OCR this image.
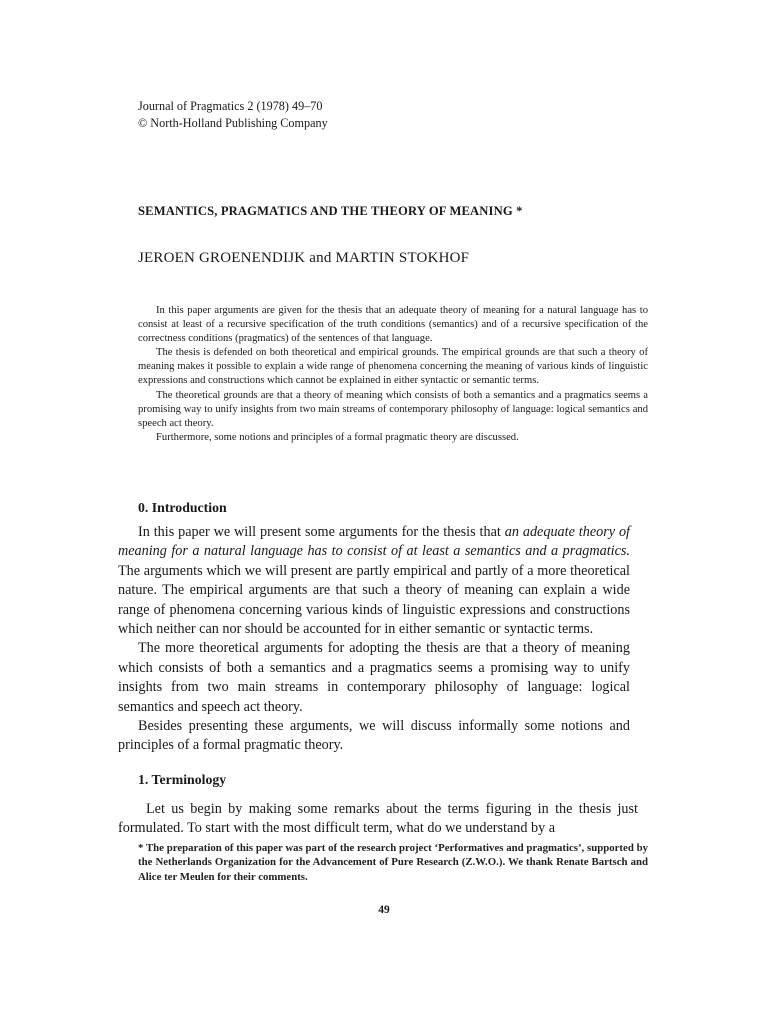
Journal of Pragmatics 2 (1978) 49–70
© North-Holland Publishing Company
SEMANTICS, PRAGMATICS AND THE THEORY OF MEANING *
JEROEN GROENENDIJK and MARTIN STOKHOF

In this paper arguments are given for the thesis that an adequate theory of meaning for a natural language has to consist at least of a recursive specification of the truth conditions (semantics) and of a recursive specification of the correctness conditions (pragmatics) of the sentences of that language.

The thesis is defended on both theoretical and empirical grounds. The empirical grounds are that such a theory of meaning makes it possible to explain a wide range of phenomena concerning the meaning of various kinds of linguistic expressions and constructions which cannot be explained in either syntactic or semantic terms.

The theoretical grounds are that a theory of meaning which consists of both a semantics and a pragmatics seems a promising way to unify insights from two main streams of contemporary philosophy of language: logical semantics and speech act theory.

Furthermore, some notions and principles of a formal pragmatic theory are discussed.

0. Introduction

In this paper we will present some arguments for the thesis that an adequate theory of meaning for a natural language has to consist of at least a semantics and a pragmatics. The arguments which we will present are partly empirical and partly of a more theoretical nature. The empirical arguments are that such a theory of meaning can explain a wide range of phenomena concerning various kinds of linguistic expressions and constructions which neither can nor should be accounted for in either semantic or syntactic terms.

The more theoretical arguments for adopting the thesis are that a theory of meaning which consists of both a semantics and a pragmatics seems a promising way to unify insights from two main streams in contemporary philosophy of language: logical semantics and speech act theory.

Besides presenting these arguments, we will discuss informally some notions and principles of a formal pragmatic theory.

1. Terminology

Let us begin by making some remarks about the terms figuring in the thesis just formulated. To start with the most difficult term, what do we understand by a

* The preparation of this paper was part of the research project ‘Performatives and pragmatics’, supported by the Netherlands Organization for the Advancement of Pure Research (Z.W.O.). We thank Renate Bartsch and Alice ter Meulen for their comments.
49
